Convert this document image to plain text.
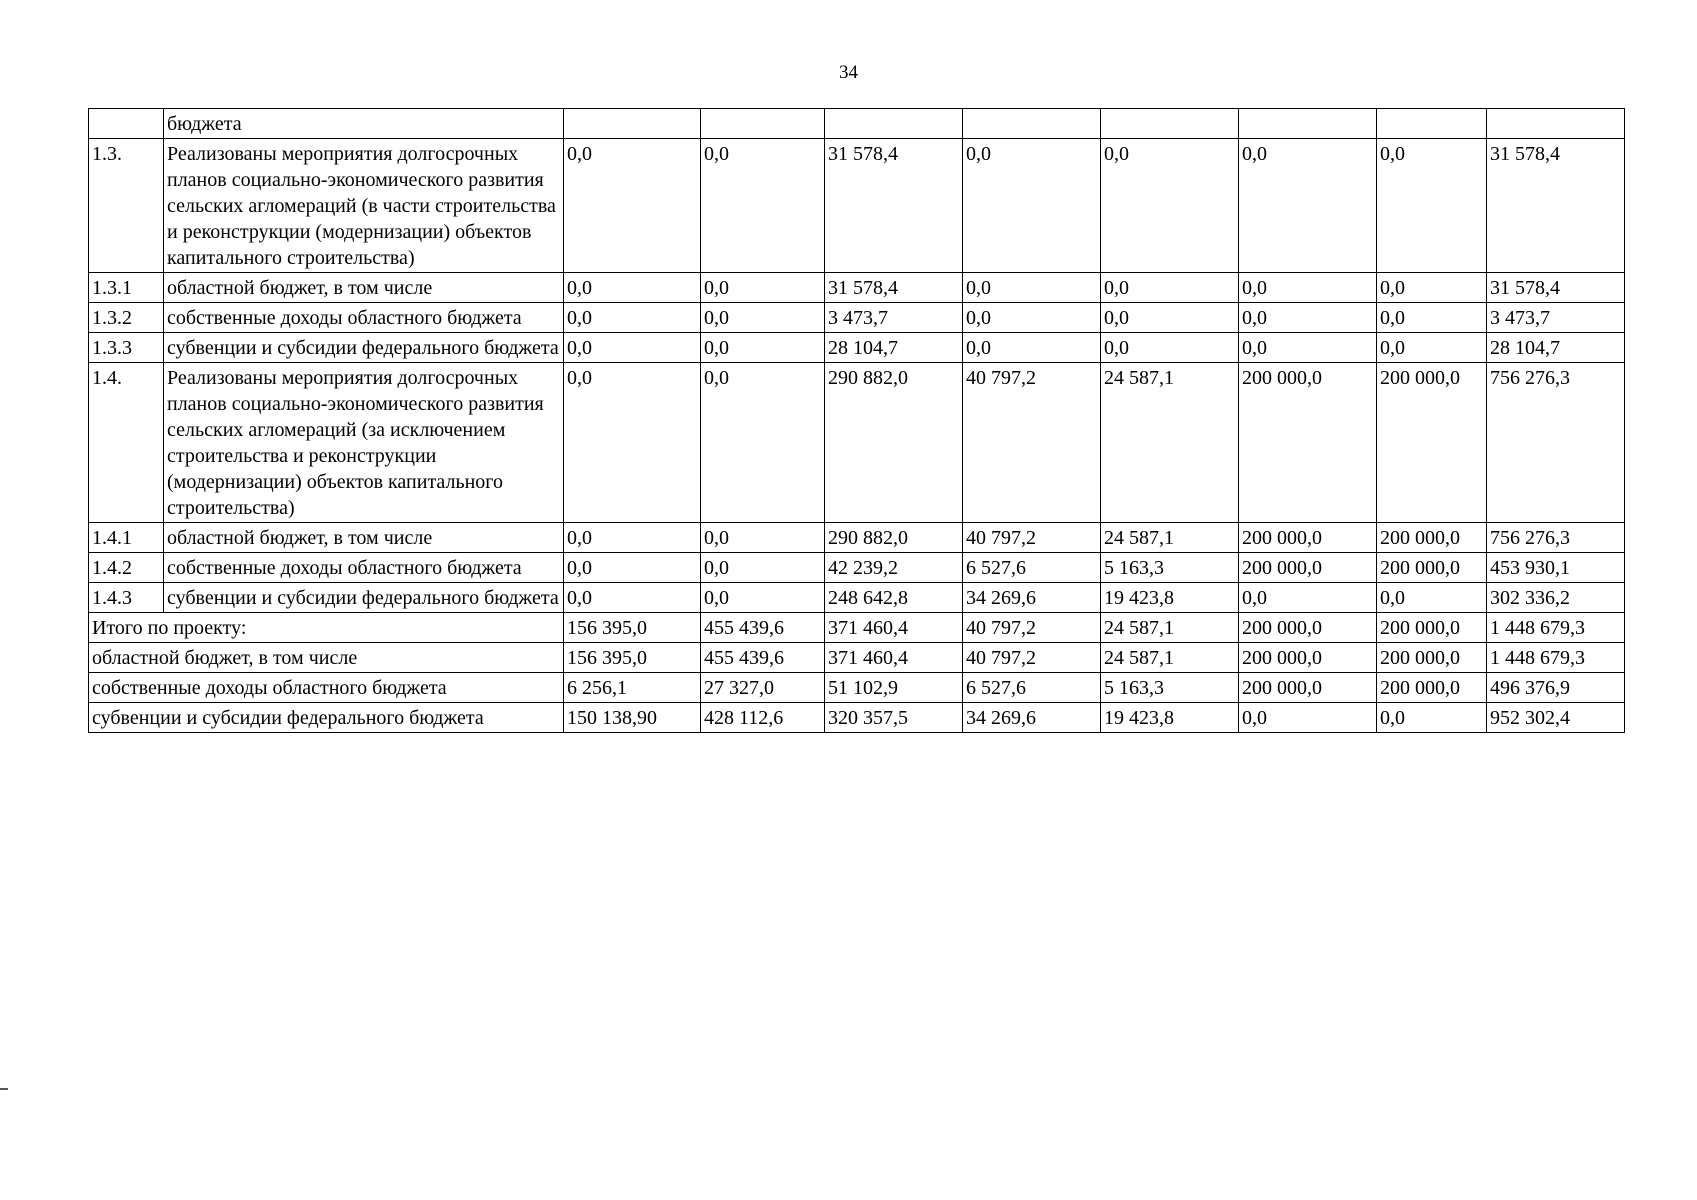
34
	бюджета								
1.3.	Реализованы мероприятия долгосрочных планов социально-экономического развития сельских агломераций (в части строительства и реконструкции (модернизации) объектов капитального строительства)	0,0	0,0	31 578,4	0,0	0,0	0,0	0,0	31 578,4
1.3.1	областной бюджет, в том числе	0,0	0,0	31 578,4	0,0	0,0	0,0	0,0	31 578,4
1.3.2	собственные доходы областного бюджета	0,0	0,0	3 473,7	0,0	0,0	0,0	0,0	3 473,7
1.3.3	субвенции и субсидии федерального бюджета	0,0	0,0	28 104,7	0,0	0,0	0,0	0,0	28 104,7
1.4.	Реализованы мероприятия долгосрочных планов социально-экономического развития сельских агломераций (за исключением строительства и реконструкции (модернизации) объектов капитального строительства)	0,0	0,0	290 882,0	40 797,2	24 587,1	200 000,0	200 000,0	756 276,3
1.4.1	областной бюджет, в том числе	0,0	0,0	290 882,0	40 797,2	24 587,1	200 000,0	200 000,0	756 276,3
1.4.2	собственные доходы областного бюджета	0,0	0,0	42 239,2	6 527,6	5 163,3	200 000,0	200 000,0	453 930,1
1.4.3	субвенции и субсидии федерального бюджета	0,0	0,0	248 642,8	34 269,6	19 423,8	0,0	0,0	302 336,2
Итого по проекту:		156 395,0	455 439,6	371 460,4	40 797,2	24 587,1	200 000,0	200 000,0	1 448 679,3
областной бюджет, в том числе		156 395,0	455 439,6	371 460,4	40 797,2	24 587,1	200 000,0	200 000,0	1 448 679,3
собственные доходы областного бюджета		6 256,1	27 327,0	51 102,9	6 527,6	5 163,3	200 000,0	200 000,0	496 376,9
субвенции и субсидии федерального бюджета		150 138,90	428 112,6	320 357,5	34 269,6	19 423,8	0,0	0,0	952 302,4
